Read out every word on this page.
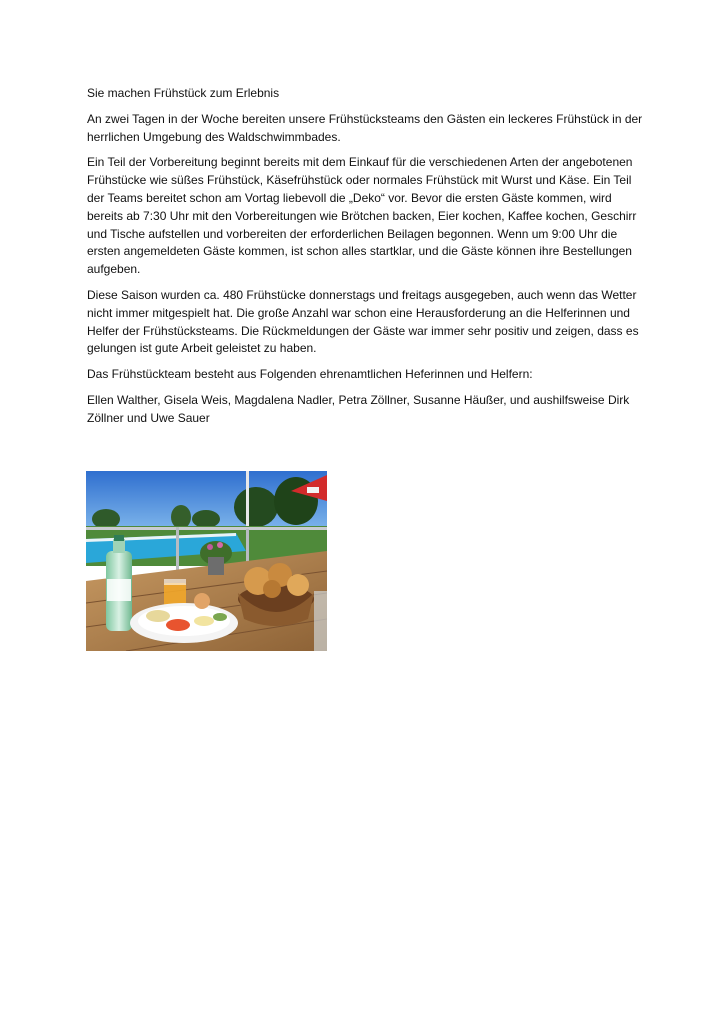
Sie machen Frühstück zum Erlebnis

An zwei Tagen in der Woche bereiten unsere Frühstücksteams den Gästen ein leckeres Frühstück in der herrlichen Umgebung des Waldschwimmbades.

Ein Teil der Vorbereitung beginnt bereits mit dem Einkauf für die verschiedenen Arten der angebotenen Frühstücke wie süßes Frühstück, Käsefrühstück oder normales Frühstück mit Wurst und Käse. Ein Teil der Teams bereitet schon am Vortag liebevoll die „Deko“ vor. Bevor die ersten Gäste kommen, wird bereits ab 7:30 Uhr mit den Vorbereitungen wie Brötchen backen, Eier kochen, Kaffee kochen, Geschirr und Tische aufstellen und vorbereiten der erforderlichen Beilagen begonnen. Wenn um 9:00 Uhr die ersten angemeldeten Gäste kommen, ist schon alles startklar, und die Gäste können ihre Bestellungen aufgeben.

Diese Saison wurden ca. 480 Frühstücke donnerstags und freitags ausgegeben, auch wenn das Wetter nicht immer mitgespielt hat. Die große Anzahl war schon eine Herausforderung an die Helferinnen und Helfer der Frühstücksteams. Die Rückmeldungen der Gäste war immer sehr positiv und zeigen, dass es gelungen ist gute Arbeit geleistet zu haben.

Das Frühstückteam besteht aus Folgenden ehrenamtlichen Heferinnen und Helfern:

Ellen Walther, Gisela Weis, Magdalena Nadler, Petra Zöllner, Susanne Häußer, und aushilfsweise Dirk Zöllner und Uwe Sauer
